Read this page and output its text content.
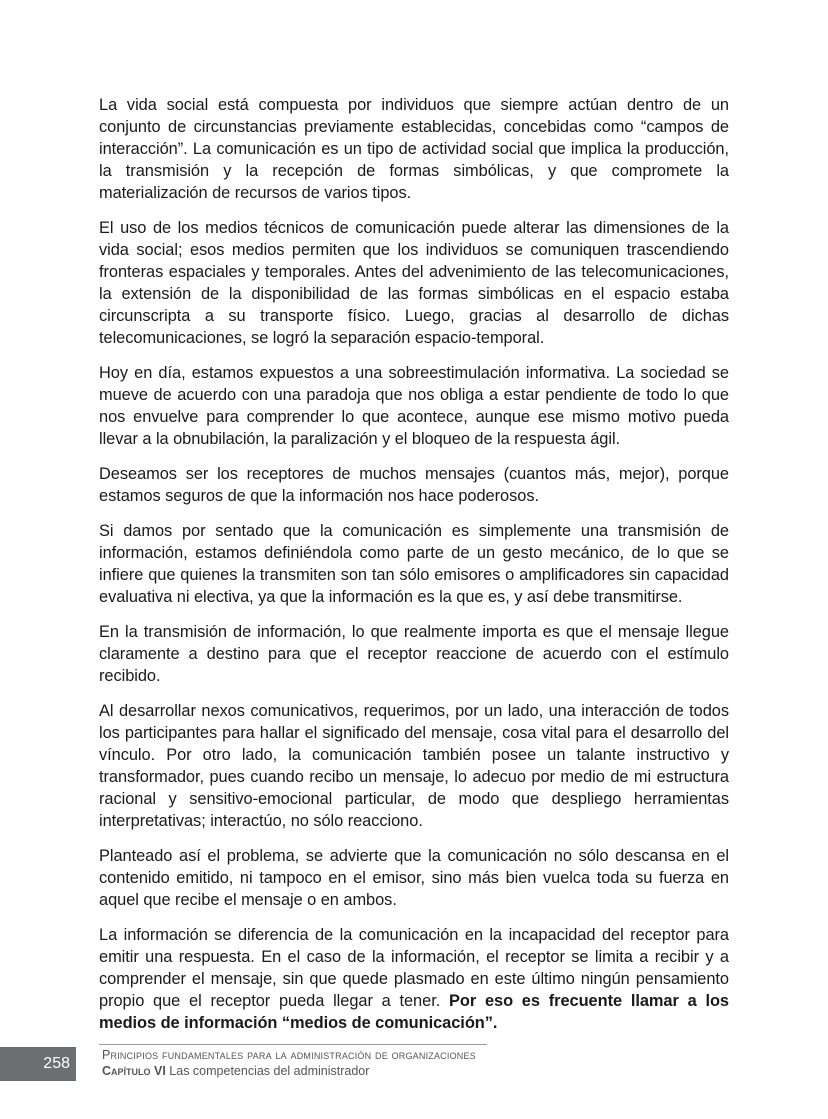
La vida social está compuesta por individuos que siempre actúan dentro de un conjunto de circunstancias previamente establecidas, concebidas como “campos de interacción”. La comunicación es un tipo de actividad social que implica la producción, la transmisión y la recepción de formas simbólicas, y que compromete la materialización de recursos de varios tipos.

El uso de los medios técnicos de comunicación puede alterar las dimensiones de la vida social; esos medios permiten que los individuos se comuniquen trascendiendo fronteras espaciales y temporales. Antes del advenimiento de las telecomunicaciones, la extensión de la disponibilidad de las formas simbólicas en el espacio estaba circunscripta a su transporte físico. Luego, gracias al desarrollo de dichas telecomunicaciones, se logró la separación espacio-temporal.

Hoy en día, estamos expuestos a una sobreestimulación informativa. La sociedad se mueve de acuerdo con una paradoja que nos obliga a estar pendiente de todo lo que nos envuelve para comprender lo que acontece, aunque ese mismo motivo pueda llevar a la obnubilación, la paralización y el bloqueo de la respuesta ágil.

Deseamos ser los receptores de muchos mensajes (cuantos más, mejor), porque estamos seguros de que la información nos hace poderosos.

Si damos por sentado que la comunicación es simplemente una transmisión de información, estamos definiéndola como parte de un gesto mecánico, de lo que se infiere que quienes la transmiten son tan sólo emisores o amplificadores sin capacidad evaluativa ni electiva, ya que la información es la que es, y así debe transmitirse.

En la transmisión de información, lo que realmente importa es que el mensaje llegue claramente a destino para que el receptor reaccione de acuerdo con el estímulo recibido.

Al desarrollar nexos comunicativos, requerimos, por un lado, una interacción de todos los participantes para hallar el significado del mensaje, cosa vital para el desarrollo del vínculo. Por otro lado, la comunicación también posee un talante instructivo y transformador, pues cuando recibo un mensaje, lo adecuo por medio de mi estructura racional y sensitivo-emocional particular, de modo que despliego herramientas interpretativas; interactúo, no sólo reacciono.

Planteado así el problema, se advierte que la comunicación no sólo descansa en el contenido emitido, ni tampoco en el emisor, sino más bien vuelca toda su fuerza en aquel que recibe el mensaje o en ambos.

La información se diferencia de la comunicación en la incapacidad del receptor para emitir una respuesta. En el caso de la información, el receptor se limita a recibir y a comprender el mensaje, sin que quede plasmado en este último ningún pensamiento propio que el receptor pueda llegar a tener. Por eso es frecuente llamar a los medios de información “medios de comunicación”.

258	Principios fundamentales para la administración de organizaciones
Capítulo VI Las competencias del administrador
